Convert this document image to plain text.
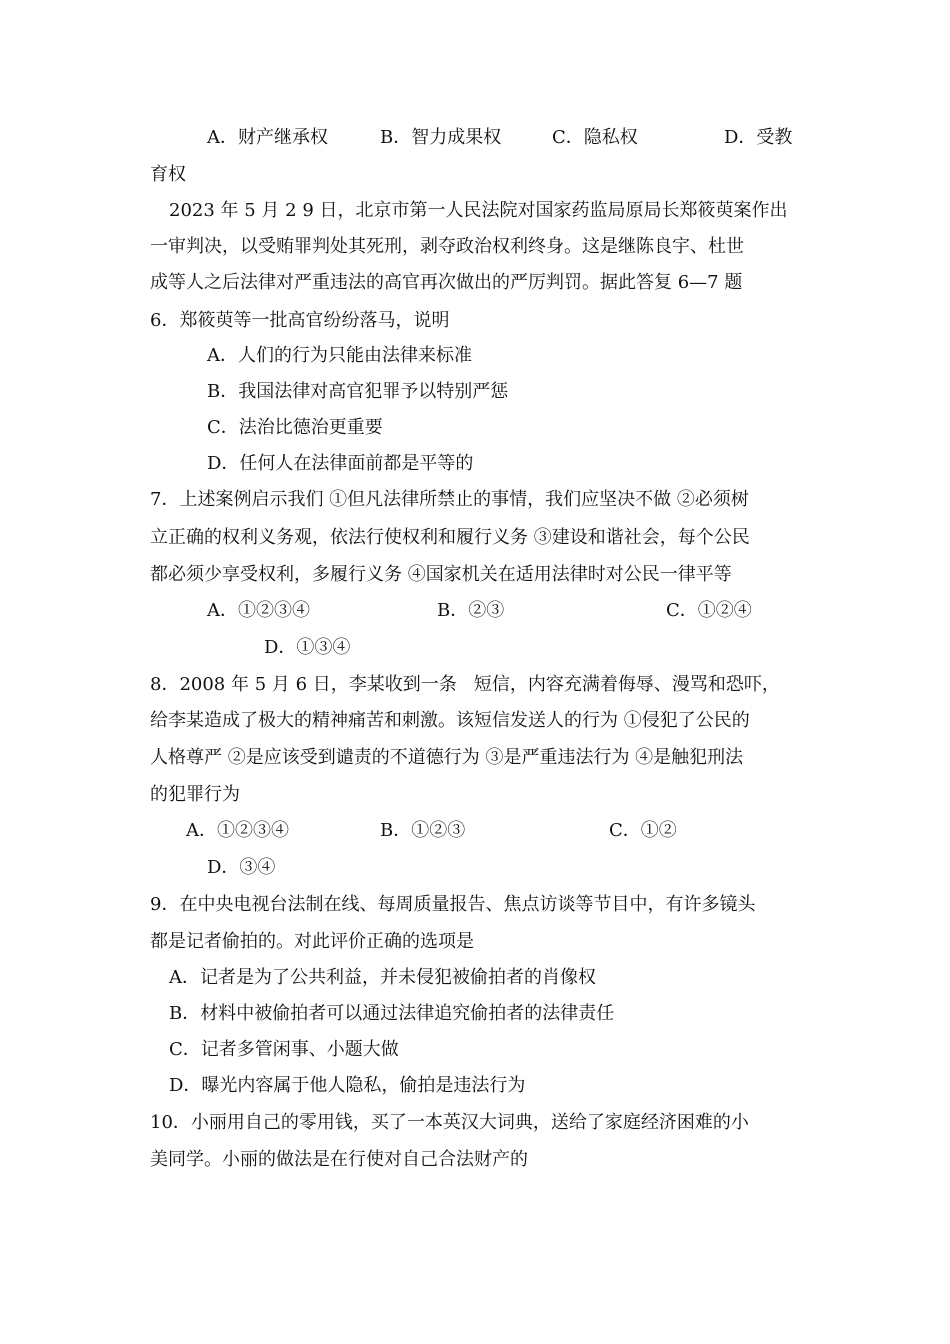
A．财产继承权	B．智力成果权	C．隐私权	D．受教
育权
2023 年 5 月 2 9 日，北京市第一人民法院对国家药监局原局长郑筱萸案作出
一审判决，以受贿罪判处其死刑，剥夺政治权利终身。这是继陈良宇、杜世
成等人之后法律对严重违法的高官再次做出的严厉判罚。据此答复 6—7 题
6．郑筱萸等一批高官纷纷落马，说明
A．人们的行为只能由法律来标准
B．我国法律对高官犯罪予以特别严惩
C．法治比德治更重要
D．任何人在法律面前都是平等的
7．上述案例启示我们 ①但凡法律所禁止的事情，我们应坚决不做 ②必须树
立正确的权利义务观，依法行使权利和履行义务 ③建设和谐社会，每个公民
都必须少享受权利，多履行义务 ④国家机关在适用法律时对公民一律平等
A．①②③④	B．②③	C．①②④
D．①③④
8．2008 年 5 月 6 日，李某收到一条   短信，内容充满着侮辱、漫骂和恐吓，
给李某造成了极大的精神痛苦和刺激。该短信发送人的行为 ①侵犯了公民的
人格尊严 ②是应该受到谴责的不道德行为 ③是严重违法行为 ④是触犯刑法
的犯罪行为
A．①②③④	B．①②③	C．①②
D．③④
9．在中央电视台法制在线、每周质量报告、焦点访谈等节目中，有许多镜头
都是记者偷拍的。对此评价正确的选项是
A．记者是为了公共利益，并未侵犯被偷拍者的肖像权
B．材料中被偷拍者可以通过法律追究偷拍者的法律责任
C．记者多管闲事、小题大做
D．曝光内容属于他人隐私，偷拍是违法行为
10．小丽用自己的零用钱，买了一本英汉大词典，送给了家庭经济困难的小
美同学。小丽的做法是在行使对自己合法财产的
